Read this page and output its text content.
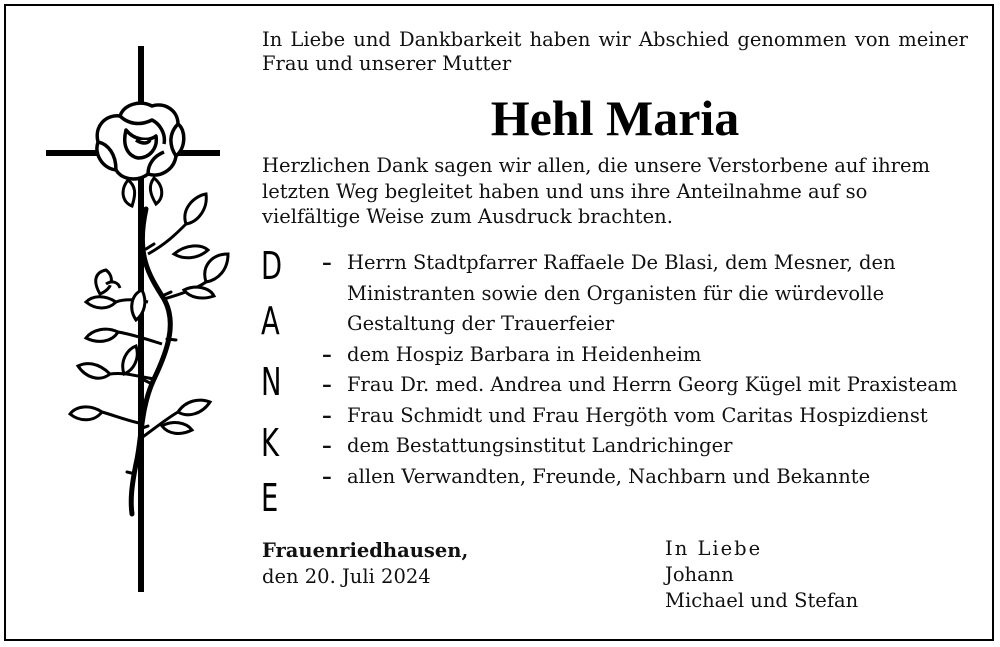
In Liebe und Dankbarkeit haben wir Abschied genommen von meiner Frau und unserer Mutter
Hehl Maria
Herzlichen Dank sagen wir allen, die unsere Verstorbene auf ihrem letzten Weg begleitet haben und uns ihre Anteilnahme auf so vielfältige Weise zum Ausdruck brachten.
D
A
N
K
E
– Herrn Stadtpfarrer Raffaele De Blasi, dem Mesner, den Ministranten sowie den Organisten für die würdevolle Gestaltung der Trauerfeier
– dem Hospiz Barbara in Heidenheim
– Frau Dr. med. Andrea und Herrn Georg Kügel mit Praxisteam
– Frau Schmidt und Frau Hergöth vom Caritas Hospizdienst
– dem Bestattungsinstitut Landrichinger
– allen Verwandten, Freunde, Nachbarn und Bekannte
Frauenriedhausen,
den 20. Juli 2024
In Liebe
Johann
Michael und Stefan
